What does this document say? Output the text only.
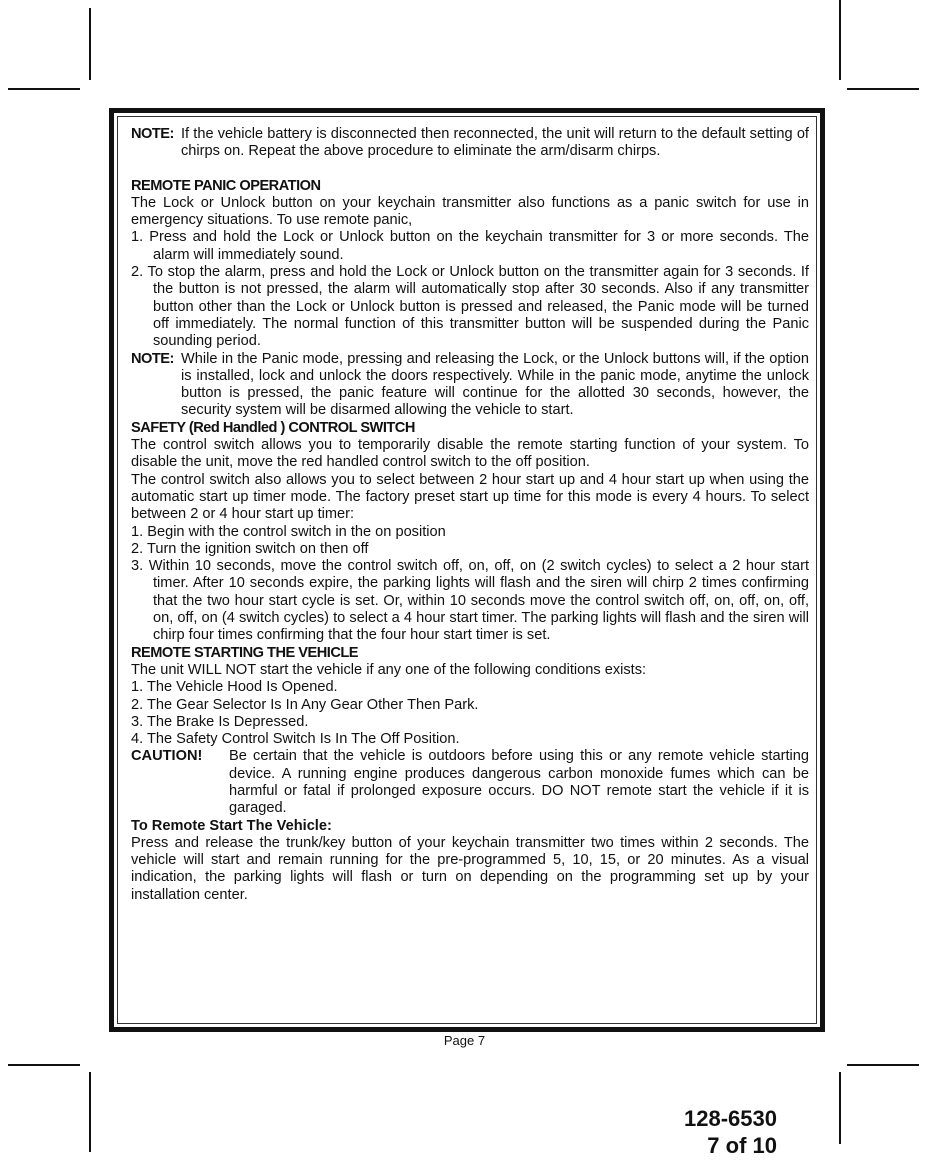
NOTE: If the vehicle battery is disconnected then reconnected, the unit will return to the default setting of chirps on. Repeat the above procedure to eliminate the arm/disarm chirps.

REMOTE PANIC OPERATION

The Lock or Unlock button on your keychain transmitter also functions as a panic switch for use in emergency situations. To use remote panic,

1. Press and hold the Lock or Unlock button on the keychain transmitter for 3 or more seconds. The alarm will immediately sound.

2. To stop the alarm, press and hold the Lock or Unlock button on the transmitter again for 3 seconds. If the button is not pressed, the alarm will automatically stop after 30 seconds. Also if any transmitter button other than the Lock or Unlock button is pressed and released, the Panic mode will be turned off immediately. The normal function of this transmitter button will be suspended during the Panic sounding period.

NOTE: While in the Panic mode, pressing and releasing the Lock, or the Unlock buttons will, if the option is installed, lock and unlock the doors respectively. While in the panic mode, anytime the unlock button is pressed, the panic feature will continue for the allotted 30 seconds, however, the security system will be disarmed allowing the vehicle to start.

SAFETY (Red Handled ) CONTROL SWITCH

The control switch allows you to temporarily disable the remote starting function of your system. To disable the unit, move the red handled control switch to the off position.

The control switch also allows you to select between 2 hour start up and 4 hour start up when using the automatic start up timer mode. The factory preset start up time for this mode is every 4 hours. To select between 2 or 4 hour start up timer:

1. Begin with the control switch in the on position

2. Turn the ignition switch on then off

3. Within 10 seconds, move the control switch off, on, off, on (2 switch cycles) to select a 2 hour start timer. After 10 seconds expire, the parking lights will flash and the siren will chirp 2 times confirming that the two hour start cycle is set. Or, within 10 seconds move the control switch off, on, off, on, off, on, off, on (4 switch cycles) to select a 4 hour start timer. The parking lights will flash and the siren will chirp four times confirming that the four hour start timer is set.

REMOTE STARTING THE VEHICLE

The unit WILL NOT start the vehicle if any one of the following conditions exists:

1. The Vehicle Hood Is Opened.

2. The Gear Selector Is In Any Gear Other Then Park.

3. The Brake Is Depressed.

4. The Safety Control Switch Is In The Off Position.

CAUTION! Be certain that the vehicle is outdoors before using this or any remote vehicle starting device. A running engine produces dangerous carbon monoxide fumes which can be harmful or fatal if prolonged exposure occurs. DO NOT remote start the vehicle if it is garaged.

To Remote Start The Vehicle:

Press and release the trunk/key button of your keychain transmitter two times within 2 seconds. The vehicle will start and remain running for the pre-programmed 5, 10, 15, or 20 minutes. As a visual indication, the parking lights will flash or turn on depending on the programming set up by your installation center.

Page 7
128-6530
7 of 10
